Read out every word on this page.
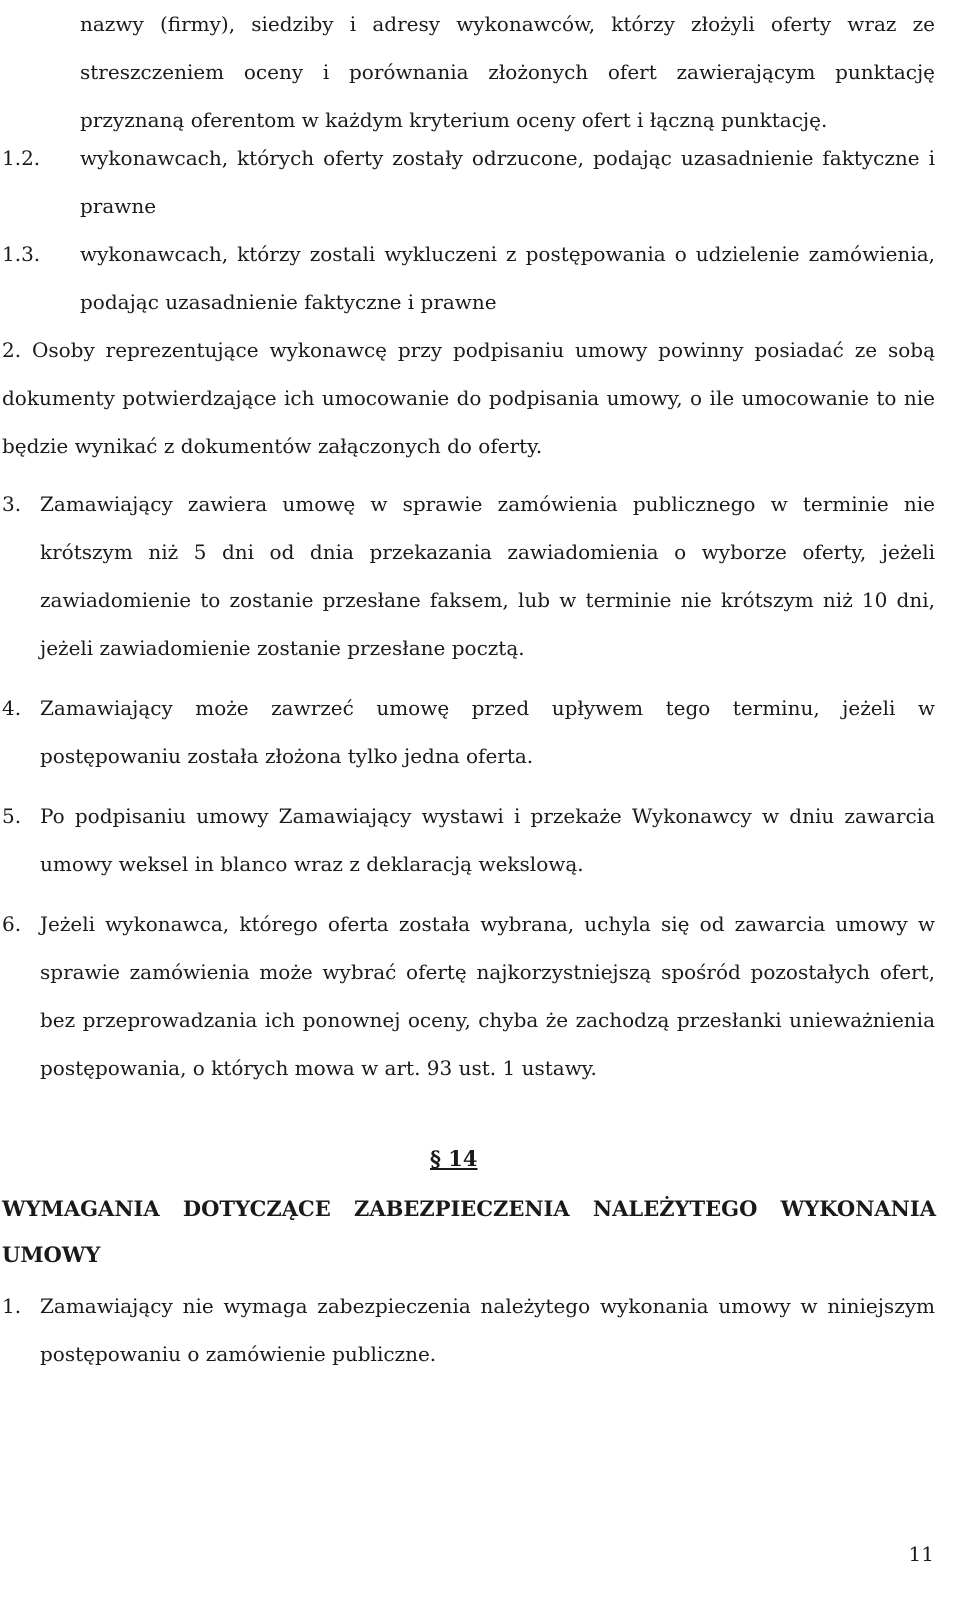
nazwy (firmy), siedziby i adresy wykonawców, którzy złożyli oferty wraz ze streszczeniem oceny i porównania złożonych ofert zawierającym punktację przyznaną oferentom w każdym kryterium oceny ofert i łączną punktację.

1.2.	wykonawcach, których oferty zostały odrzucone, podając uzasadnienie faktyczne i prawne
1.3.	wykonawcach, którzy zostali wykluczeni z postępowania o udzielenie zamówienia, podając uzasadnienie faktyczne i prawne

2. Osoby reprezentujące wykonawcę przy podpisaniu umowy powinny posiadać ze sobą dokumenty potwierdzające ich umocowanie do podpisania umowy, o ile umocowanie to nie będzie wynikać z dokumentów załączonych do oferty.

3. Zamawiający zawiera umowę w sprawie zamówienia publicznego w terminie nie krótszym niż 5 dni od dnia przekazania zawiadomienia o wyborze oferty, jeżeli zawiadomienie to zostanie przesłane faksem, lub w terminie nie krótszym niż 10 dni, jeżeli zawiadomienie zostanie przesłane pocztą.
4. Zamawiający może zawrzeć umowę przed upływem tego terminu, jeżeli w postępowaniu została złożona tylko jedna oferta.
5. Po podpisaniu umowy Zamawiający wystawi i przekaże Wykonawcy w dniu zawarcia umowy weksel in blanco wraz z deklaracją wekslową.
6. Jeżeli wykonawca, którego oferta została wybrana, uchyla się od zawarcia umowy w sprawie zamówienia może wybrać ofertę najkorzystniejszą spośród pozostałych ofert, bez przeprowadzania ich ponownej oceny, chyba że zachodzą przesłanki unieważnienia postępowania, o których mowa w art. 93 ust. 1 ustawy.
§ 14

WYMAGANIA DOTYCZĄCE ZABEZPIECZENIA NALEŻYTEGO WYKONANIA

UMOWY

1. Zamawiający nie wymaga zabezpieczenia należytego wykonania umowy w niniejszym postępowaniu o zamówienie publiczne.
11
